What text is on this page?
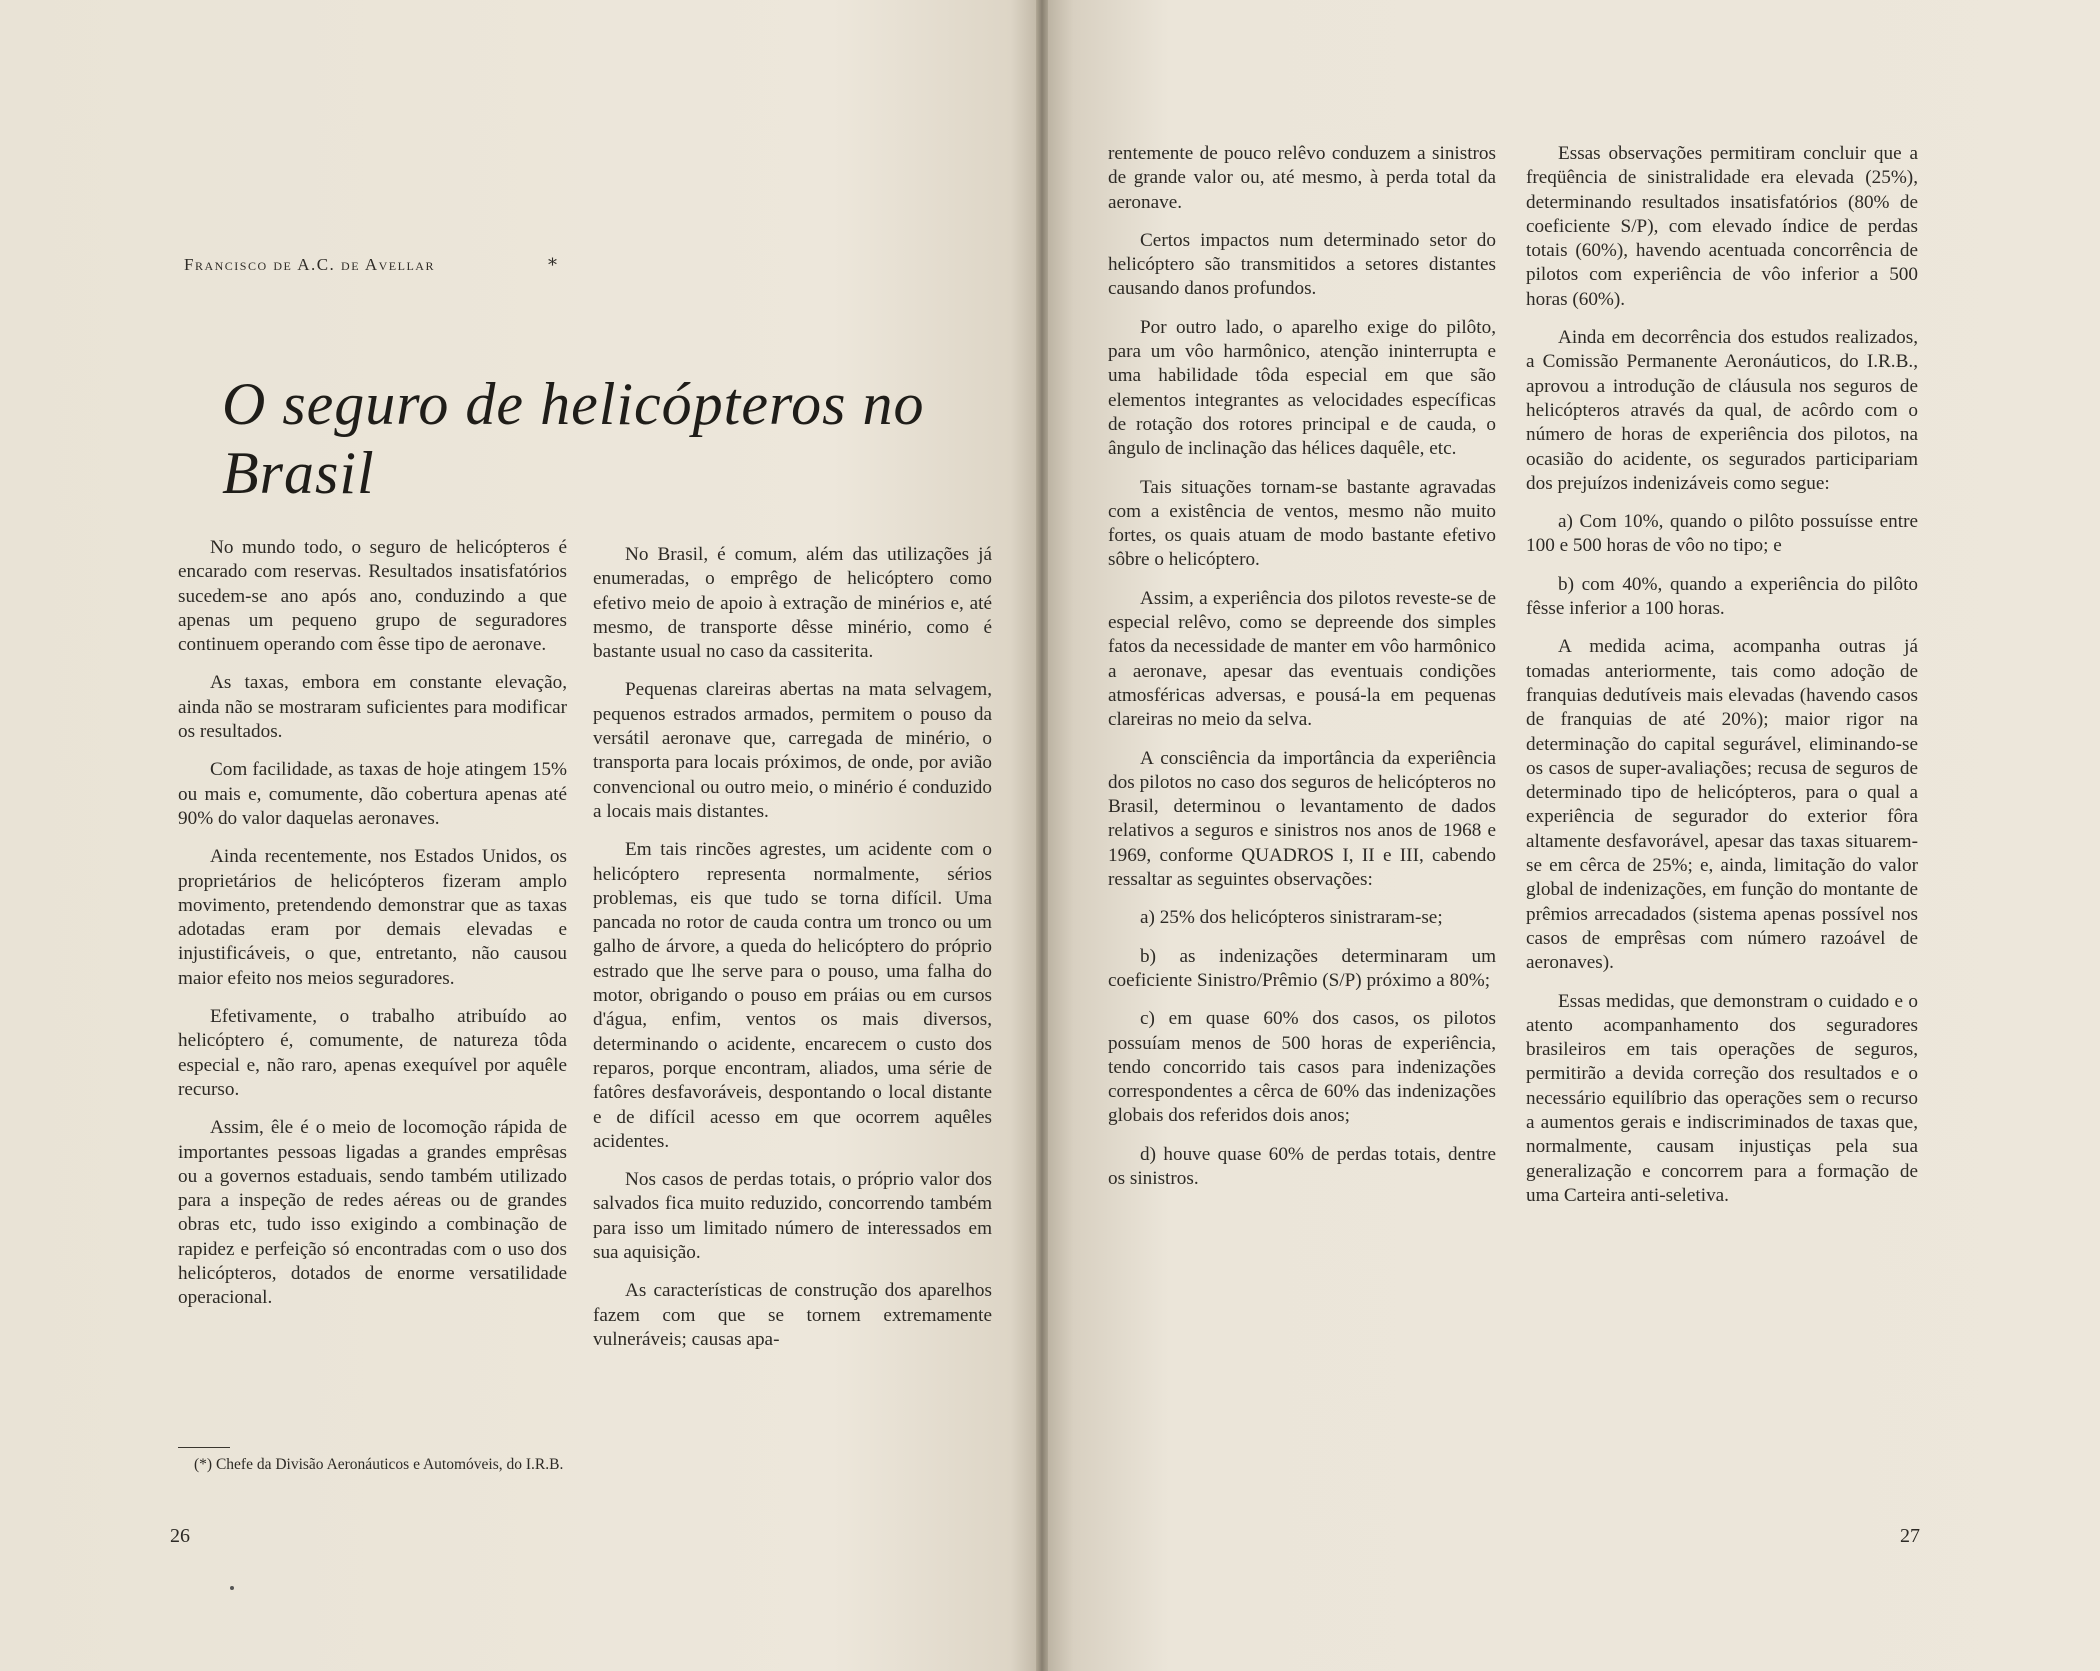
Francisco de A.C. de Avellar	*
O seguro de helicópteros no Brasil

No mundo todo, o seguro de helicópteros é encarado com reservas. Resultados insatisfatórios sucedem-se ano após ano, conduzindo a que apenas um pequeno grupo de seguradores continuem operando com êsse tipo de aeronave.

As taxas, embora em constante elevação, ainda não se mostraram suficientes para modificar os resultados.

Com facilidade, as taxas de hoje atingem 15% ou mais e, comumente, dão cobertura apenas até 90% do valor daquelas aeronaves.

Ainda recentemente, nos Estados Unidos, os proprietários de helicópteros fizeram amplo movimento, pretendendo demonstrar que as taxas adotadas eram por demais elevadas e injustificáveis, o que, entretanto, não causou maior efeito nos meios seguradores.

Efetivamente, o trabalho atribuído ao helicóptero é, comumente, de natureza tôda especial e, não raro, apenas exequível por aquêle recurso.

Assim, êle é o meio de locomoção rápida de importantes pessoas ligadas a grandes emprêsas ou a governos estaduais, sendo também utilizado para a inspeção de redes aéreas ou de grandes obras etc, tudo isso exigindo a combinação de rapidez e perfeição só encontradas com o uso dos helicópteros, dotados de enorme versatilidade operacional.

(*) Chefe da Divisão Aeronáuticos e Automóveis, do I.R.B.

No Brasil, é comum, além das utilizações já enumeradas, o emprêgo de helicóptero como efetivo meio de apoio à extração de minérios e, até mesmo, de transporte dêsse minério, como é bastante usual no caso da cassiterita.

Pequenas clareiras abertas na mata selvagem, pequenos estrados armados, permitem o pouso da versátil aeronave que, carregada de minério, o transporta para locais próximos, de onde, por avião convencional ou outro meio, o minério é conduzido a locais mais distantes.

Em tais rincões agrestes, um acidente com o helicóptero representa normalmente, sérios problemas, eis que tudo se torna difícil. Uma pancada no rotor de cauda contra um tronco ou um galho de árvore, a queda do helicóptero do próprio estrado que lhe serve para o pouso, uma falha do motor, obrigando o pouso em práias ou em cursos d'água, enfim, ventos os mais diversos, determinando o acidente, encarecem o custo dos reparos, porque encontram, aliados, uma série de fatôres desfavoráveis, despontando o local distante e de difícil acesso em que ocorrem aquêles acidentes.

Nos casos de perdas totais, o próprio valor dos salvados fica muito reduzido, concorrendo também para isso um limitado número de interessados em sua aquisição.

As características de construção dos aparelhos fazem com que se tornem extremamente vulneráveis; causas apa-

26

rentemente de pouco relêvo conduzem a sinistros de grande valor ou, até mesmo, à perda total da aeronave.

Certos impactos num determinado setor do helicóptero são transmitidos a setores distantes causando danos profundos.

Por outro lado, o aparelho exige do pilôto, para um vôo harmônico, atenção ininterrupta e uma habilidade tôda especial em que são elementos integrantes as velocidades específicas de rotação dos rotores principal e de cauda, o ângulo de inclinação das hélices daquêle, etc.

Tais situações tornam-se bastante agravadas com a existência de ventos, mesmo não muito fortes, os quais atuam de modo bastante efetivo sôbre o helicóptero.

Assim, a experiência dos pilotos reveste-se de especial relêvo, como se depreende dos simples fatos da necessidade de manter em vôo harmônico a aeronave, apesar das eventuais condições atmosféricas adversas, e pousá-la em pequenas clareiras no meio da selva.

A consciência da importância da experiência dos pilotos no caso dos seguros de helicópteros no Brasil, determinou o levantamento de dados relativos a seguros e sinistros nos anos de 1968 e 1969, conforme QUADROS I, II e III, cabendo ressaltar as seguintes observações:

a) 25% dos helicópteros sinistraram-se;

b) as indenizações determinaram um coeficiente Sinistro/Prêmio (S/P) próximo a 80%;

c) em quase 60% dos casos, os pilotos possuíam menos de 500 horas de experiência, tendo concorrido tais casos para indenizações correspondentes a cêrca de 60% das indenizações globais dos referidos dois anos;

d) houve quase 60% de perdas totais, dentre os sinistros.

Essas observações permitiram concluir que a freqüência de sinistralidade era elevada (25%), determinando resultados insatisfatórios (80% de coeficiente S/P), com elevado índice de perdas totais (60%), havendo acentuada concorrência de pilotos com experiência de vôo inferior a 500 horas (60%).

Ainda em decorrência dos estudos realizados, a Comissão Permanente Aeronáuticos, do I.R.B., aprovou a introdução de cláusula nos seguros de helicópteros através da qual, de acôrdo com o número de horas de experiência dos pilotos, na ocasião do acidente, os segurados participariam dos prejuízos indenizáveis como segue:

a) Com 10%, quando o pilôto possuísse entre 100 e 500 horas de vôo no tipo; e

b) com 40%, quando a experiência do pilôto fêsse inferior a 100 horas.

A medida acima, acompanha outras já tomadas anteriormente, tais como adoção de franquias dedutíveis mais elevadas (havendo casos de franquias de até 20%); maior rigor na determinação do capital segurável, eliminando-se os casos de super-avaliações; recusa de seguros de determinado tipo de helicópteros, para o qual a experiência de segurador do exterior fôra altamente desfavorável, apesar das taxas situarem-se em cêrca de 25%; e, ainda, limitação do valor global de indenizações, em função do montante de prêmios arrecadados (sistema apenas possível nos casos de emprêsas com número razoável de aeronaves).

Essas medidas, que demonstram o cuidado e o atento acompanhamento dos seguradores brasileiros em tais operações de seguros, permitirão a devida correção dos resultados e o necessário equilíbrio das operações sem o recurso a aumentos gerais e indiscriminados de taxas que, normalmente, causam injustiças pela sua generalização e concorrem para a formação de uma Carteira anti-seletiva.

27
